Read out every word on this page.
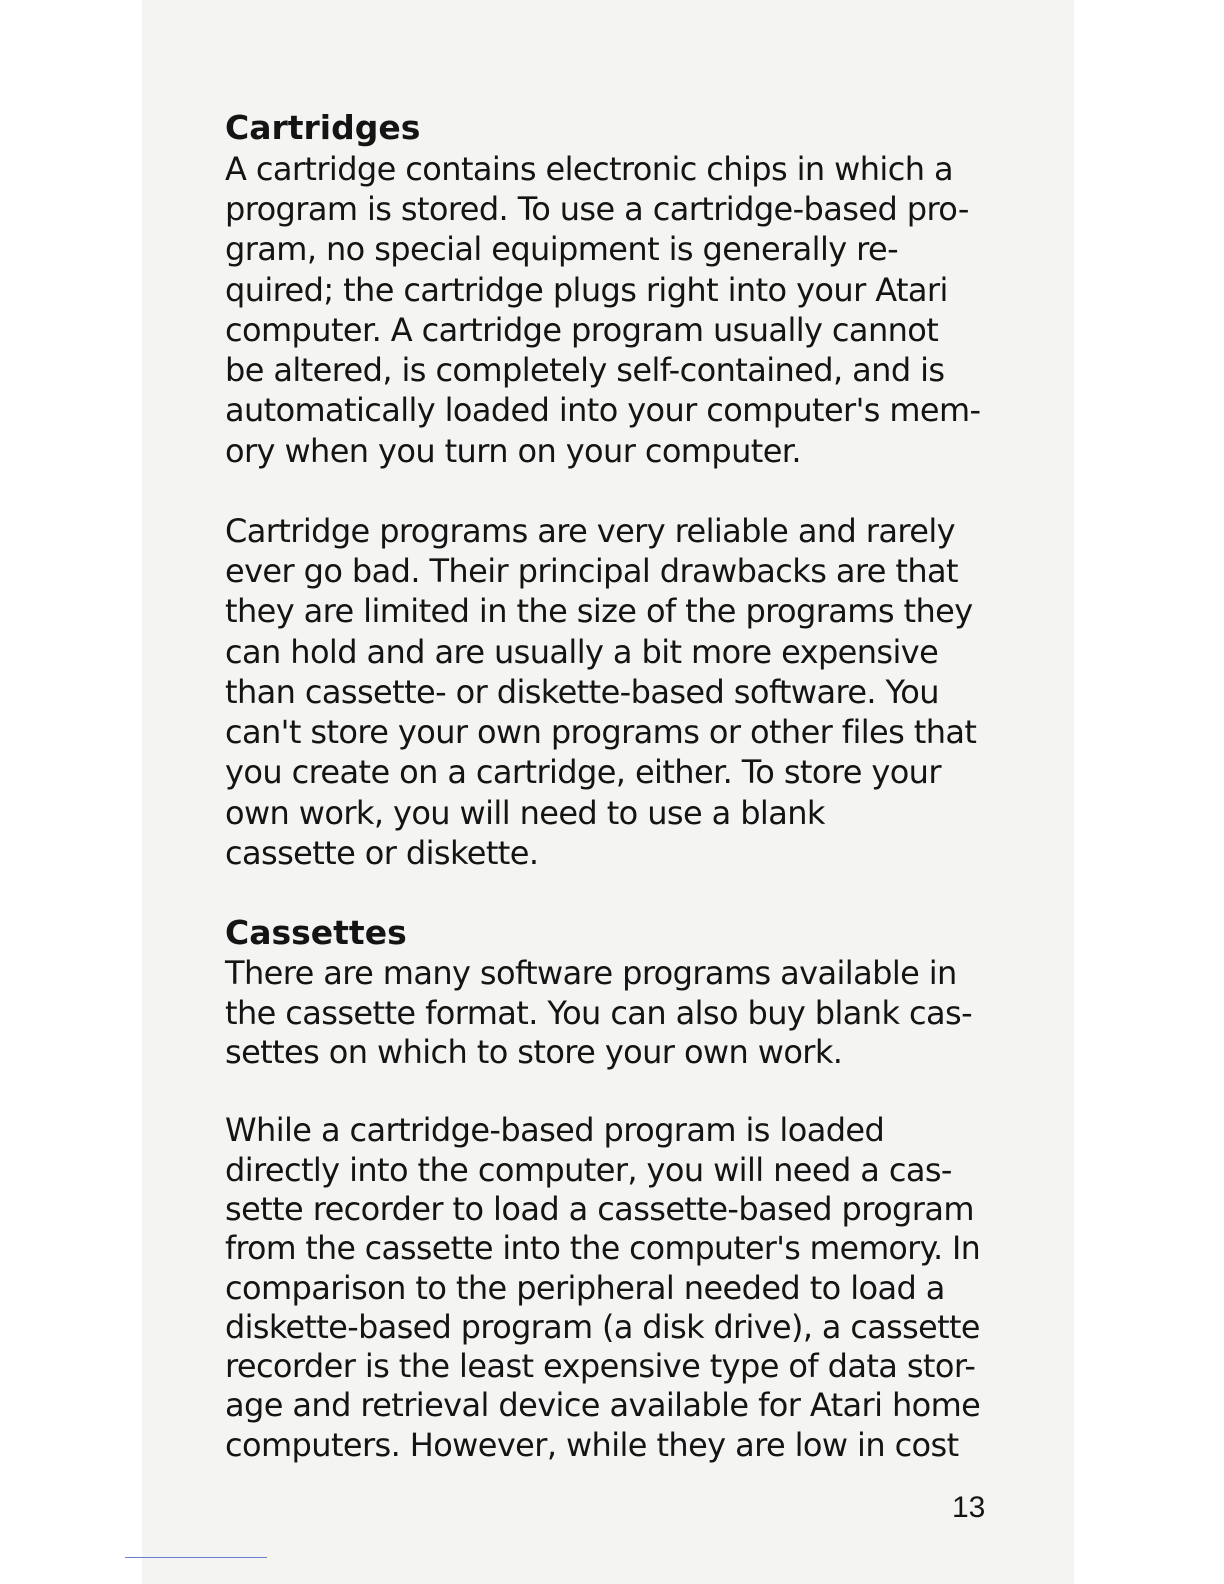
Cartridges
A cartridge contains electronic chips in which a
program is stored. To use a cartridge-based pro-
gram, no special equipment is generally re-
quired; the cartridge plugs right into your Atari
computer. A cartridge program usually cannot
be altered, is completely self-contained, and is
automatically loaded into your computer's mem-
ory when you turn on your computer.
Cartridge programs are very reliable and rarely
ever go bad. Their principal drawbacks are that
they are limited in the size of the programs they
can hold and are usually a bit more expensive
than cassette- or diskette-based software. You
can't store your own programs or other files that
you create on a cartridge, either. To store your
own work, you will need to use a blank
cassette or diskette.
Cassettes
There are many software programs available in
the cassette format. You can also buy blank cas-
settes on which to store your own work.
While a cartridge-based program is loaded
directly into the computer, you will need a cas-
sette recorder to load a cassette-based program
from the cassette into the computer's memory. In
comparison to the peripheral needed to load a
diskette-based program (a disk drive), a cassette
recorder is the least expensive type of data stor-
age and retrieval device available for Atari home
computers. However, while they are low in cost
13
